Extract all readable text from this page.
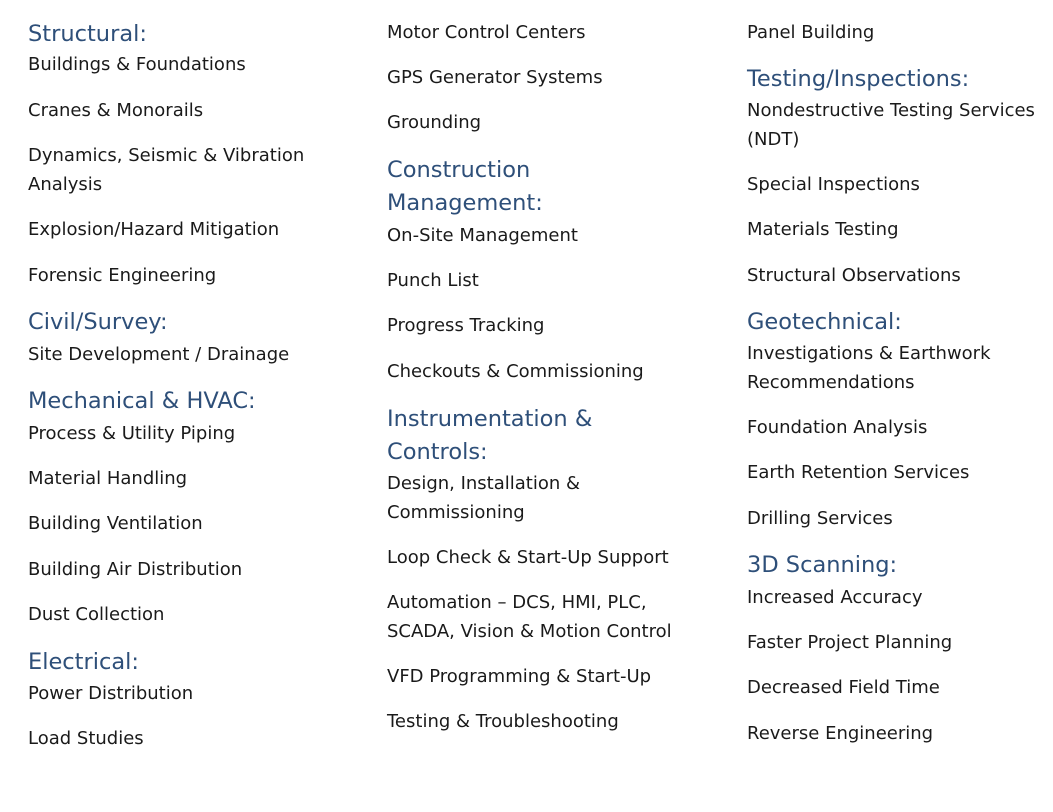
Structural:
Buildings & Foundations
Cranes & Monorails
Dynamics, Seismic & Vibration
Analysis
Explosion/Hazard Mitigation
Forensic Engineering
Civil/Survey:
Site Development / Drainage
Mechanical & HVAC:
Process & Utility Piping
Material Handling
Building Ventilation
Building Air Distribution
Dust Collection
Electrical:
Power Distribution
Load Studies
Motor Control Centers
GPS Generator Systems
Grounding
Construction
Management:
On-Site Management
Punch List
Progress Tracking
Checkouts & Commissioning
Instrumentation &
Controls:
Design, Installation &
Commissioning
Loop Check & Start-Up Support
Automation – DCS, HMI, PLC,
SCADA, Vision & Motion Control
VFD Programming & Start-Up
Testing & Troubleshooting
Panel Building
Testing/Inspections:
Nondestructive Testing Services
(NDT)
Special Inspections
Materials Testing
Structural Observations
Geotechnical:
Investigations & Earthwork
Recommendations
Foundation Analysis
Earth Retention Services
Drilling Services
3D Scanning:
Increased Accuracy
Faster Project Planning
Decreased Field Time
Reverse Engineering
